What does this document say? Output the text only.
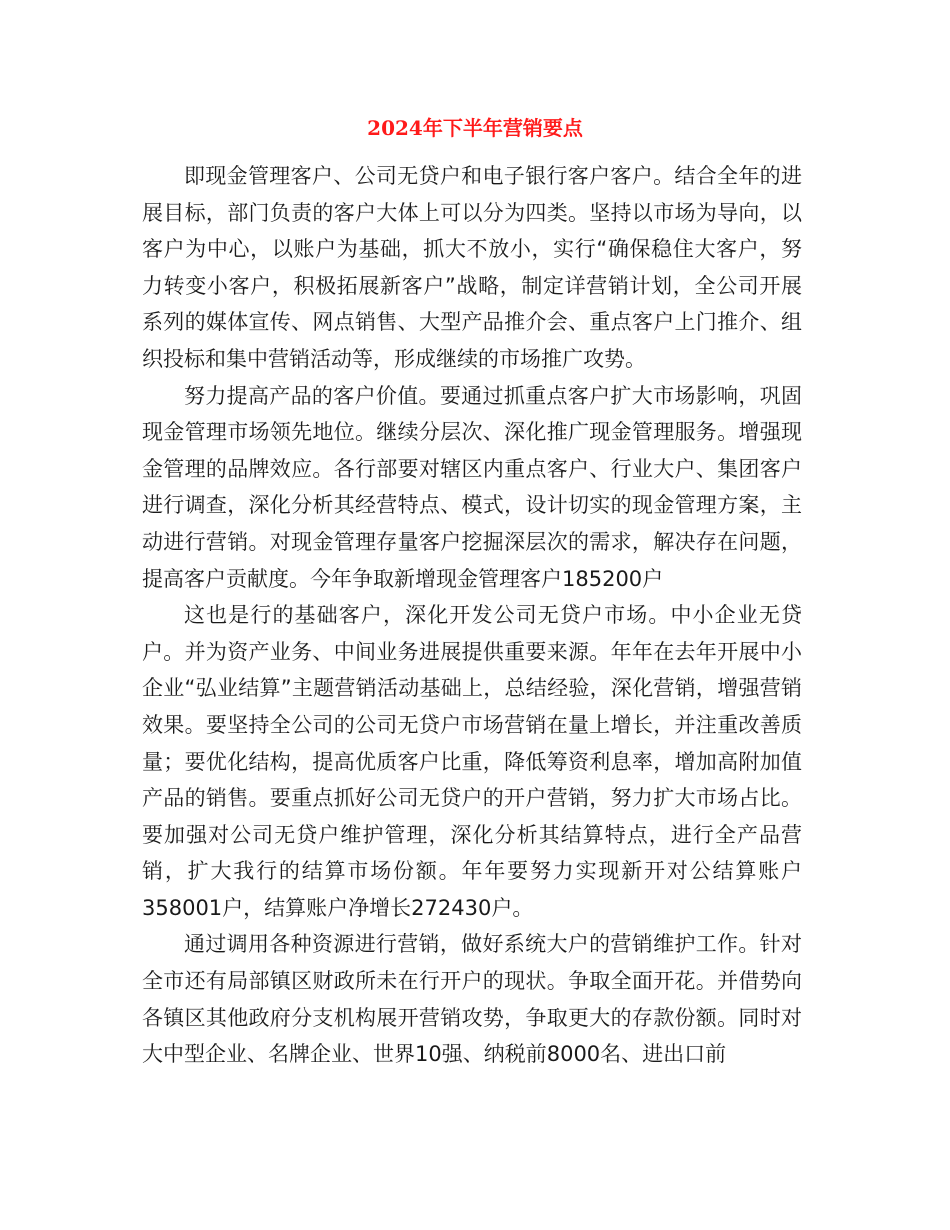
2024年下半年营销要点

即现金管理客户、公司无贷户和电子银行客户客户。结合全年的进展目标，部门负责的客户大体上可以分为四类。坚持以市场为导向，以客户为中心，以账户为基础，抓大不放小，实行“确保稳住大客户，努力转变小客户，积极拓展新客户”战略，制定详营销计划，全公司开展系列的媒体宣传、网点销售、大型产品推介会、重点客户上门推介、组织投标和集中营销活动等，形成继续的市场推广攻势。

努力提高产品的客户价值。要通过抓重点客户扩大市场影响，巩固现金管理市场领先地位。继续分层次、深化推广现金管理服务。增强现金管理的品牌效应。各行部要对辖区内重点客户、行业大户、集团客户进行调查，深化分析其经营特点、模式，设计切实的现金管理方案，主动进行营销。对现金管理存量客户挖掘深层次的需求，解决存在问题，提高客户贡献度。今年争取新增现金管理客户185200户

这也是行的基础客户，深化开发公司无贷户市场。中小企业无贷户。并为资产业务、中间业务进展提供重要来源。年年在去年开展中小企业“弘业结算”主题营销活动基础上，总结经验，深化营销，增强营销效果。要坚持全公司的公司无贷户市场营销在量上增长，并注重改善质量；要优化结构，提高优质客户比重，降低筹资利息率，增加高附加值产品的销售。要重点抓好公司无贷户的开户营销，努力扩大市场占比。要加强对公司无贷户维护管理，深化分析其结算特点，进行全产品营销，扩大我行的结算市场份额。年年要努力实现新开对公结算账户358001户，结算账户净增长272430户。

通过调用各种资源进行营销，做好系统大户的营销维护工作。针对全市还有局部镇区财政所未在行开户的现状。争取全面开花。并借势向各镇区其他政府分支机构展开营销攻势，争取更大的存款份额。同时对大中型企业、名牌企业、世界10强、纳税前8000名、进出口前
